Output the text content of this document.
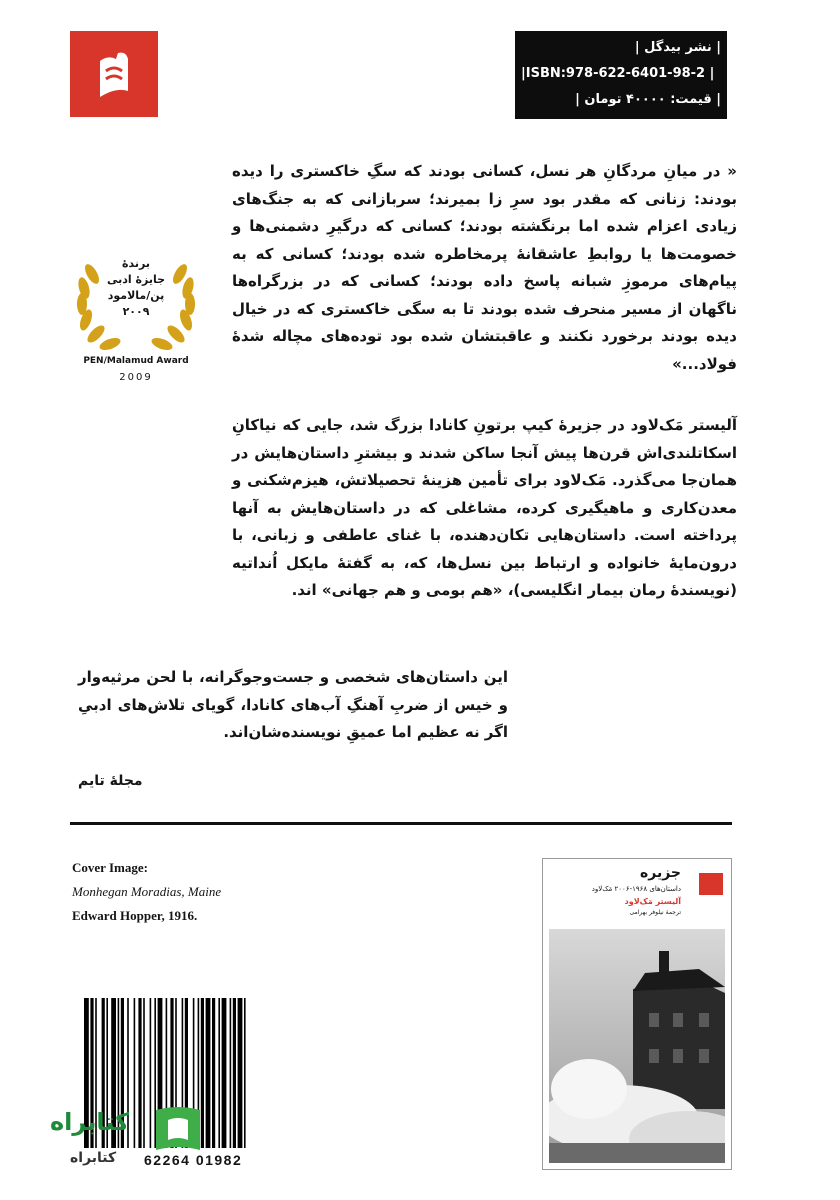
| نشر بیدگل |
|ISBN:978-622-6401-98-2 |
| قیمت: ۴۰۰۰۰ تومان |
برندۀ
جایزۀ ادبی
پن/مالامود
۲۰۰۹
PEN/Malamud Award
2009
« در میانِ مردگانِ هر نسل، کسانی بودند که سگِ خاکستری را دیده بودند: زنانی که مقدر بود سرِ زا بمیرند؛ سربازانی که به جنگ‌های زیادی اعزام شده اما برنگشته بودند؛ کسانی که درگیرِ دشمنی‌ها و خصومت‌ها یا روابطِ عاشقانۀ پرمخاطره شده بودند؛ کسانی که به پیام‌های مرموزِ شبانه پاسخ داده بودند؛ کسانی که در بزرگراه‌ها ناگهان از مسیر منحرف شده بودند تا به سگی خاکستری که در خیال دیده بودند برخورد نکنند و عاقبتشان شده بود توده‌های مچاله شدۀ فولاد...»
آلیستر مَک‌لاود در جزیرۀ کیپ برتونِ کانادا بزرگ شد، جایی که نیاکانِ اسکاتلندی‌اش قرن‌ها پیش آنجا ساکن شدند و بیشترِ داستان‌هایش در همان‌جا می‌گذرد. مَک‌لاود برای تأمین هزینۀ تحصیلاتش، هیزم‌شکنی و معدن‌کاری و ماهیگیری کرده، مشاغلی که در داستان‌هایش به آنها پرداخته است. داستان‌هایی تکان‌دهنده، با غنای عاطفی و زبانی، با درون‌مایۀ خانواده و ارتباط بین نسل‌ها، که، به گفتۀ مایکل اُنداتیه (نویسندۀ رمان بیمار انگلیسی)، «هم بومی و هم جهانی» اند.
این داستان‌های شخصی و جست‌وجوگرانه، با لحن مرثیه‌وار و خیس از ضربِ آهنگِ آب‌های کانادا، گویای تلاش‌های ادبیِ اگر نه عظیم اما عمیقِ نویسنده‌شان‌اند.
مجلۀ تایم
Cover Image:
Monhegan Moradias, Maine
Edward Hopper, 1916.
62264 01982
کتابراه
کتابراه
جزیره
داستان‌های ۱۹۶۸-۲۰۰۶ مَک‌لاود
آلیستر مَک‌لاود
ترجمۀ نیلوفر بهرامی
